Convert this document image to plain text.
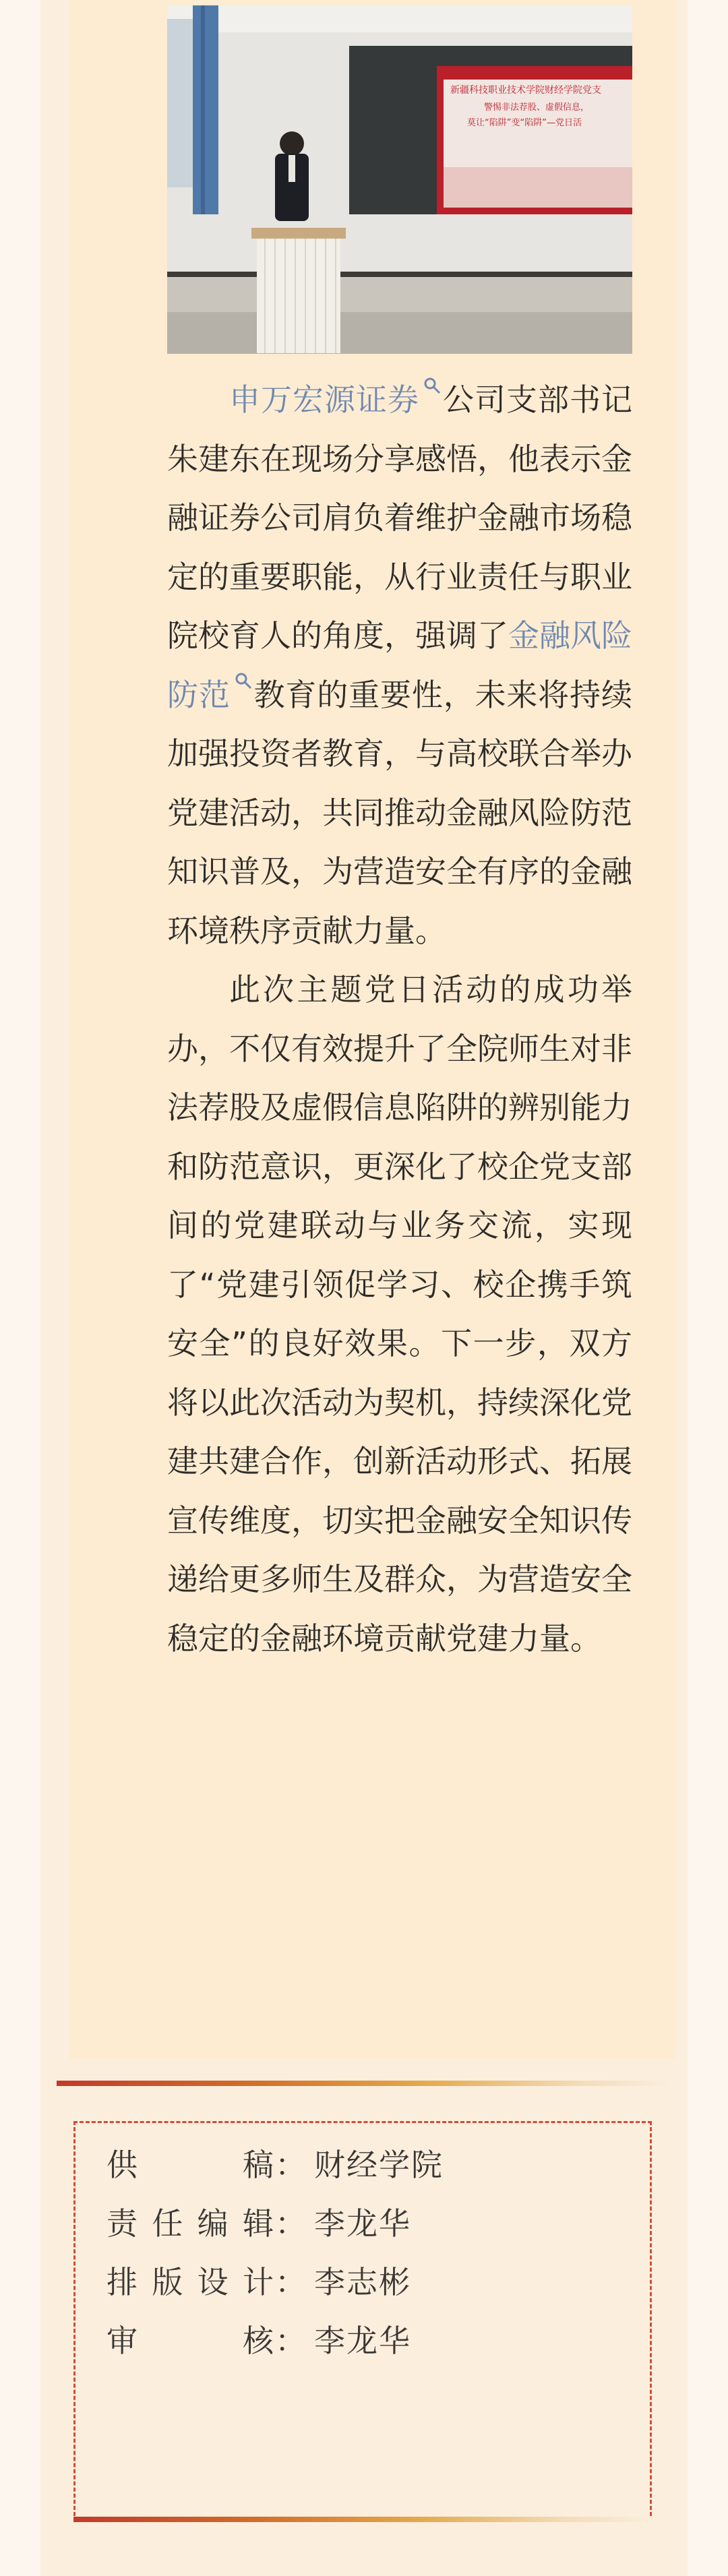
新疆科技职业技术学院财经学院党支
警惕非法荐股、虚假信息，
莫让“陷阱”变“陷阱”—党日活

申万宏源证券 公司支部书记朱建东在现场分享感悟，他表示金融证券公司肩负着维护金融市场稳定的重要职能，从行业责任与职业院校育人的角度，强调了金融风险防范 教育的重要性，未来将持续加强投资者教育，与高校联合举办党建活动，共同推动金融风险防范知识普及，为营造安全有序的金融环境秩序贡献力量。

此次主题党日活动的成功举办，不仅有效提升了全院师生对非法荐股及虚假信息陷阱的辨别能力和防范意识，更深化了校企党支部间的党建联动与业务交流，实现了“党建引领促学习、校企携手筑安全”的良好效果。下一步，双方将以此次活动为契机，持续深化党建共建合作，创新活动形式、拓展宣传维度，切实把金融安全知识传递给更多师生及群众，为营造安全稳定的金融环境贡献党建力量。

供稿： 财经学院
责任编辑： 李龙华
排版设计： 李志彬
审核： 李龙华
